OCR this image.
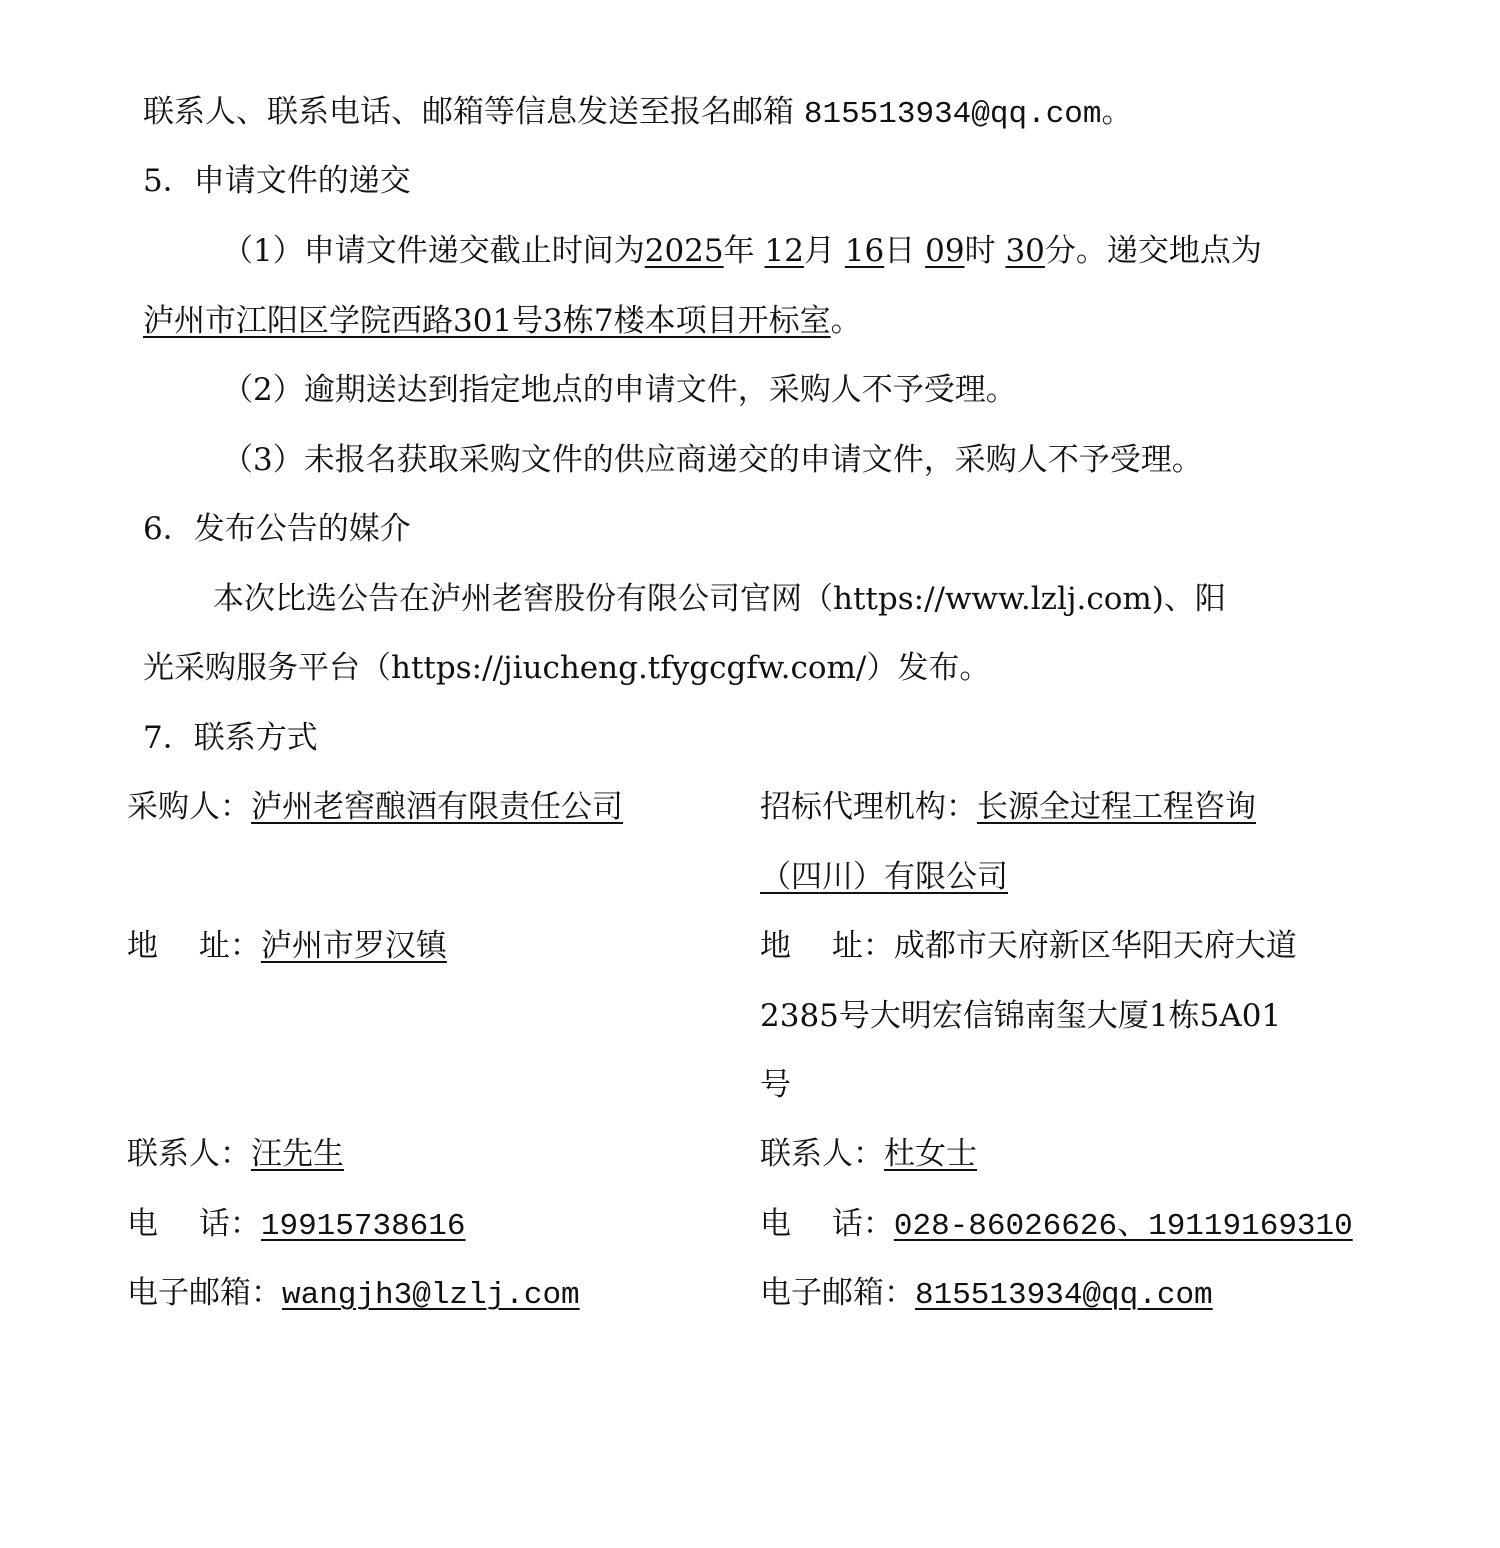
联系人、联系电话、邮箱等信息发送至报名邮箱 815513934@qq.com。
5．申请文件的递交
（1）申请文件递交截止时间为2025年 12月 16日 09时 30分。递交地点为
泸州市江阳区学院西路301号3栋7楼本项目开标室。
（2）逾期送达到指定地点的申请文件，采购人不予受理。
（3）未报名获取采购文件的供应商递交的申请文件，采购人不予受理。
6．发布公告的媒介
本次比选公告在泸州老窖股份有限公司官网（https://www.lzlj.com)、阳
光采购服务平台（https://jiucheng.tfygcgfw.com/）发布。
7．联系方式
采购人：泸州老窖酿酒有限责任公司
地　 址：泸州市罗汉镇
联系人：汪先生
电　 话：19915738616
电子邮箱：wangjh3@lzlj.com
招标代理机构：长源全过程工程咨询
（四川）有限公司
地　 址：成都市天府新区华阳天府大道
2385号大明宏信锦南玺大厦1栋5A01
号
联系人：杜女士
电　 话：028-86026626、19119169310
电子邮箱：815513934@qq.com
